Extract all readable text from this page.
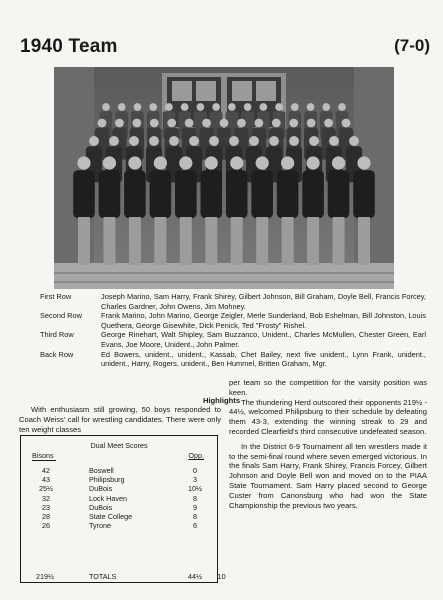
1940 Team	(7-0)
First Row	Joseph Marino, Sam Harry, Frank Shirey, Gilbert Johnson, Bill Graham, Doyle Bell, Francis Forcey, Charles Gardner, John Owens, Jim Mohney.
Second Row	Frank Marino, John Marino, George Zeigler, Merle Sunderland, Bob Eshelman, Bill Johnston, Louis Quethera, George Gisewhite, Dick Penick, Ted "Frosty" Rishel.
Third Row	George Rinehart, Walt Shipley, Sam Buzzanco, Unident., Charles McMullen, Chester Green, Earl Evans, Joe Moore, Unident., John Palmer.
Back Row	Ed Bowers, unident., unident., Kassab, Chet Bailey, next five unident., Lynn Frank, unident., unident., Harry, Rogers, unident., Ben Hummel, Britten Graham, Mgr.
Highlights

With enthusiasm still growing, 50 boys responded to Coach Weiss' call for wrestling candidates. There were only ten weight classes

Dual Meet Scores
Bisons	Opp.
42	Boswell	0
43	Philipsburg	3
25½	DuBois	10½
32	Lock Haven	8
23	DuBois	9
28	State College	8
26	Tyrone	6
219½	TOTALS	44½

per team so the competition for the varsity position was keen.

The thundering Herd outscored their opponents 219½ - 44½, welcomed Philipsburg to their schedule by defeating them 43-3, extending the winning streak to 29 and recorded Clearfield's third consecutive undefeated season.

In the District 6-9 Tournament all ten wrestlers made it to the semi-final round where seven emerged victorious. In the finals Sam Harry, Frank Shirey, Francis Forcey, Gilbert Johnson and Doyle Bell won and moved on to the PIAA State Tournament. Sam Harry placed second to George Custer from Canonsburg who had won the State Championship the previous two years.

10
